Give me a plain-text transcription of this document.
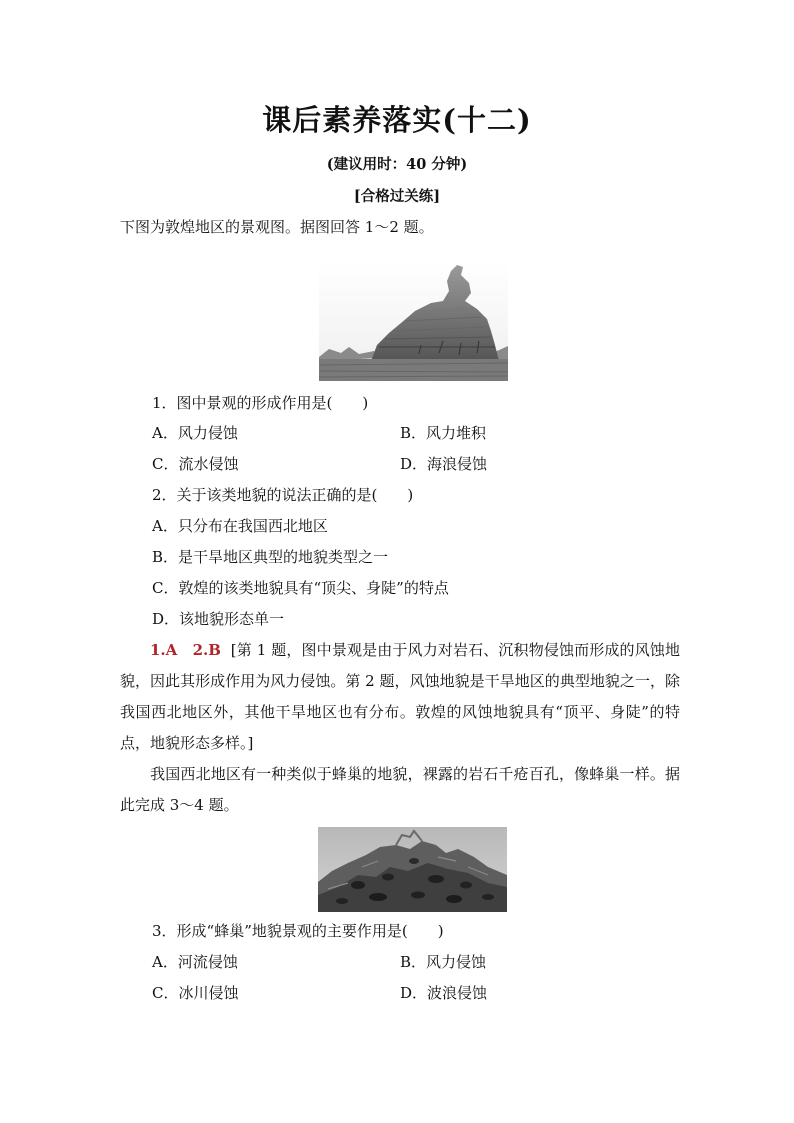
课后素养落实(十二)
(建议用时：40 分钟)
[合格过关练]
下图为敦煌地区的景观图。据图回答 1～2 题。
1．图中景观的形成作用是(　　)
A．风力侵蚀	B．风力堆积
C．流水侵蚀	D．海浪侵蚀
2．关于该类地貌的说法正确的是(　　)
A．只分布在我国西北地区
B．是干旱地区典型的地貌类型之一
C．敦煌的该类地貌具有“顶尖、身陡”的特点
D．该地貌形态单一
1.A　2.B [第 1 题，图中景观是由于风力对岩石、沉积物侵蚀而形成的风蚀地貌，因此其形成作用为风力侵蚀。第 2 题，风蚀地貌是干旱地区的典型地貌之一，除我国西北地区外，其他干旱地区也有分布。敦煌的风蚀地貌具有“顶平、身陡”的特点，地貌形态多样。]
我国西北地区有一种类似于蜂巢的地貌，裸露的岩石千疮百孔，像蜂巢一样。据此完成 3～4 题。
3．形成“蜂巢”地貌景观的主要作用是(　　)
A．河流侵蚀	B．风力侵蚀
C．冰川侵蚀	D．波浪侵蚀
